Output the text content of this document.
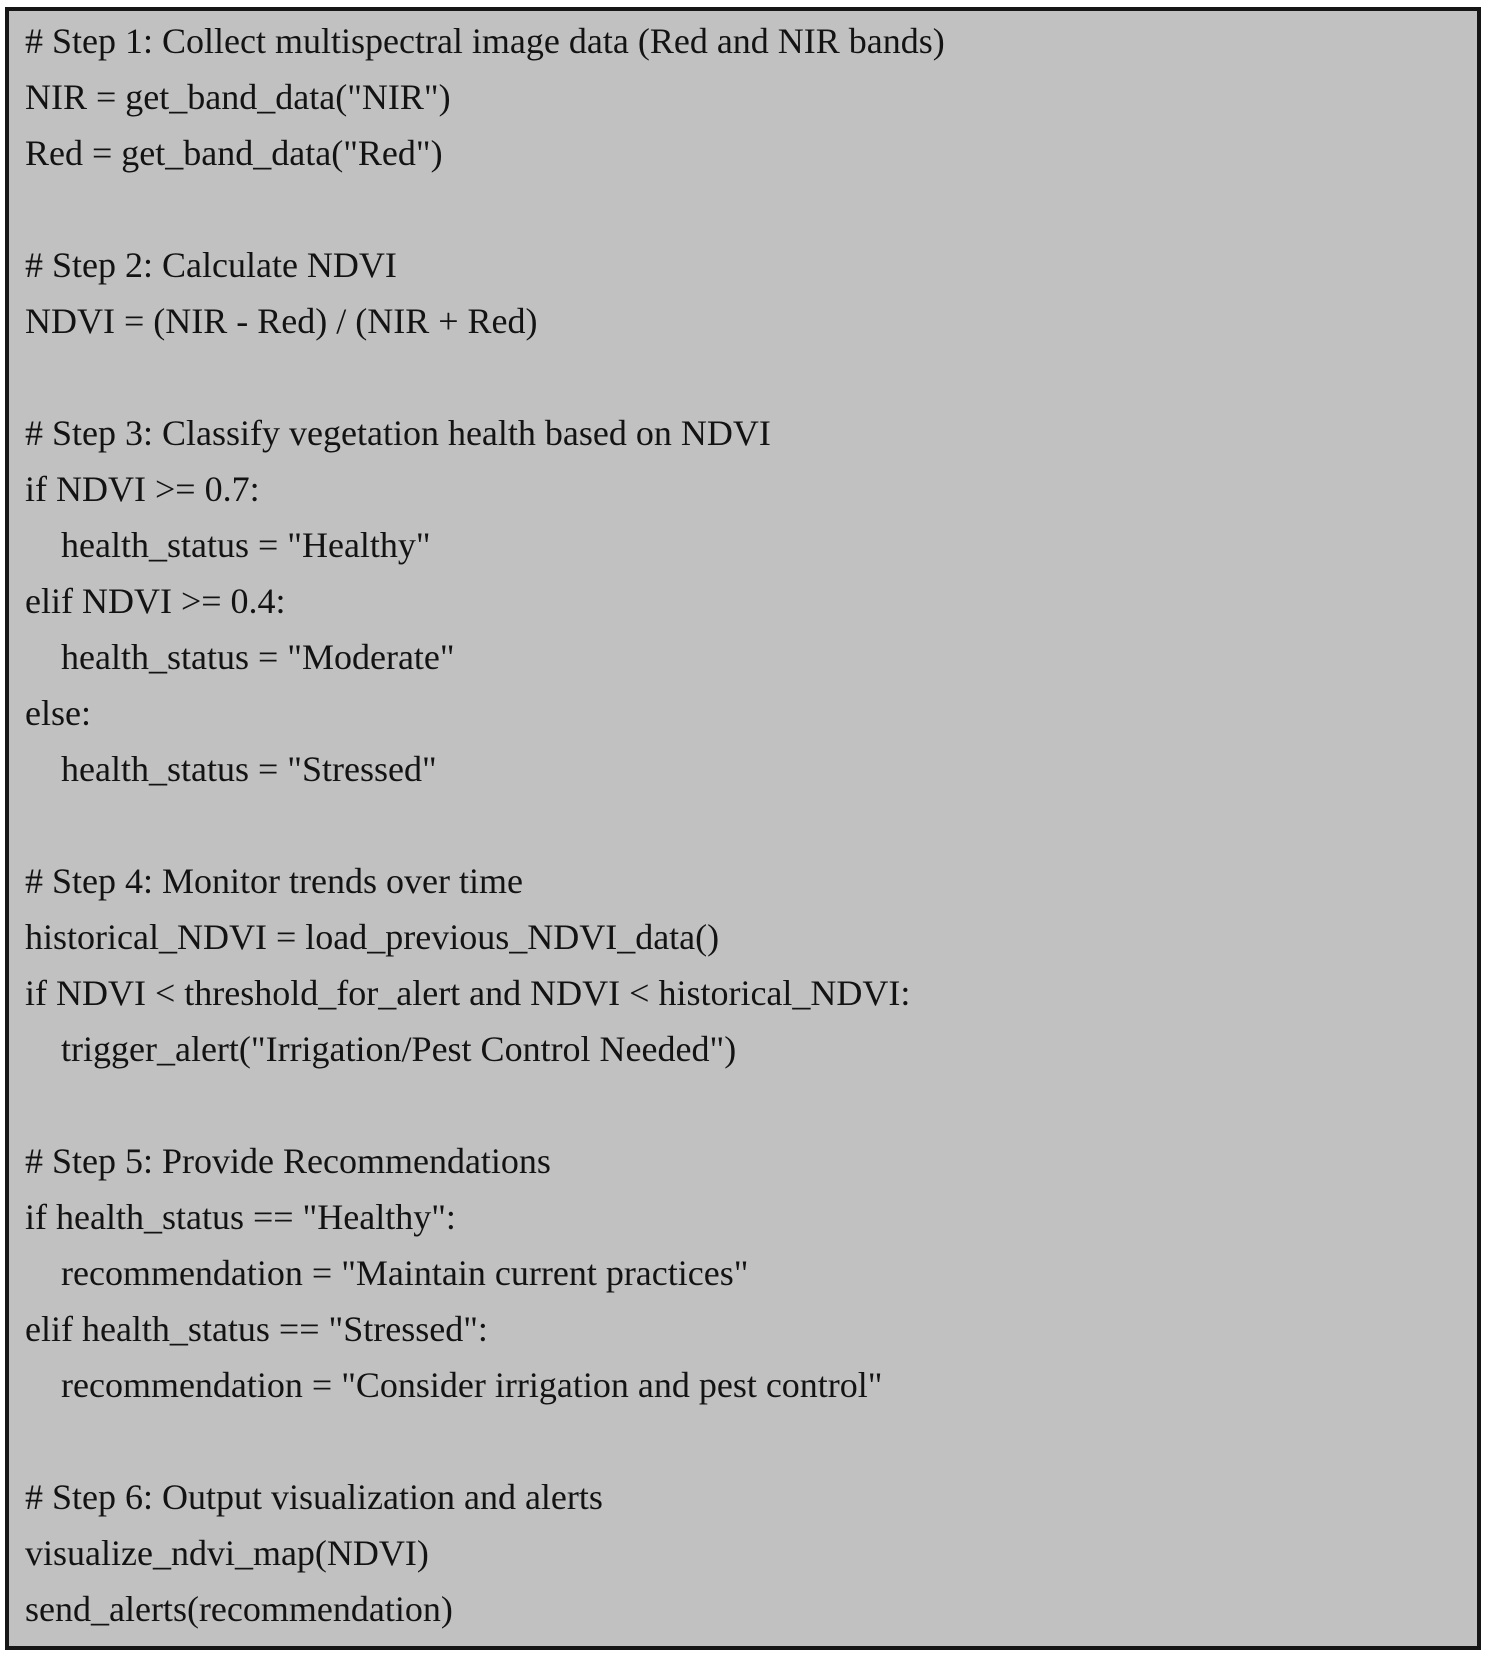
# Step 1: Collect multispectral image data (Red and NIR bands)
NIR = get_band_data("NIR")
Red = get_band_data("Red")
# Step 2: Calculate NDVI
NDVI = (NIR - Red) / (NIR + Red)
# Step 3: Classify vegetation health based on NDVI
if NDVI >= 0.7:
health_status = "Healthy"
elif NDVI >= 0.4:
health_status = "Moderate"
else:
health_status = "Stressed"
# Step 4: Monitor trends over time
historical_NDVI = load_previous_NDVI_data()
if NDVI < threshold_for_alert and NDVI < historical_NDVI:
trigger_alert("Irrigation/Pest Control Needed")
# Step 5: Provide Recommendations
if health_status == "Healthy":
recommendation = "Maintain current practices"
elif health_status == "Stressed":
recommendation = "Consider irrigation and pest control"
# Step 6: Output visualization and alerts
visualize_ndvi_map(NDVI)
send_alerts(recommendation)
